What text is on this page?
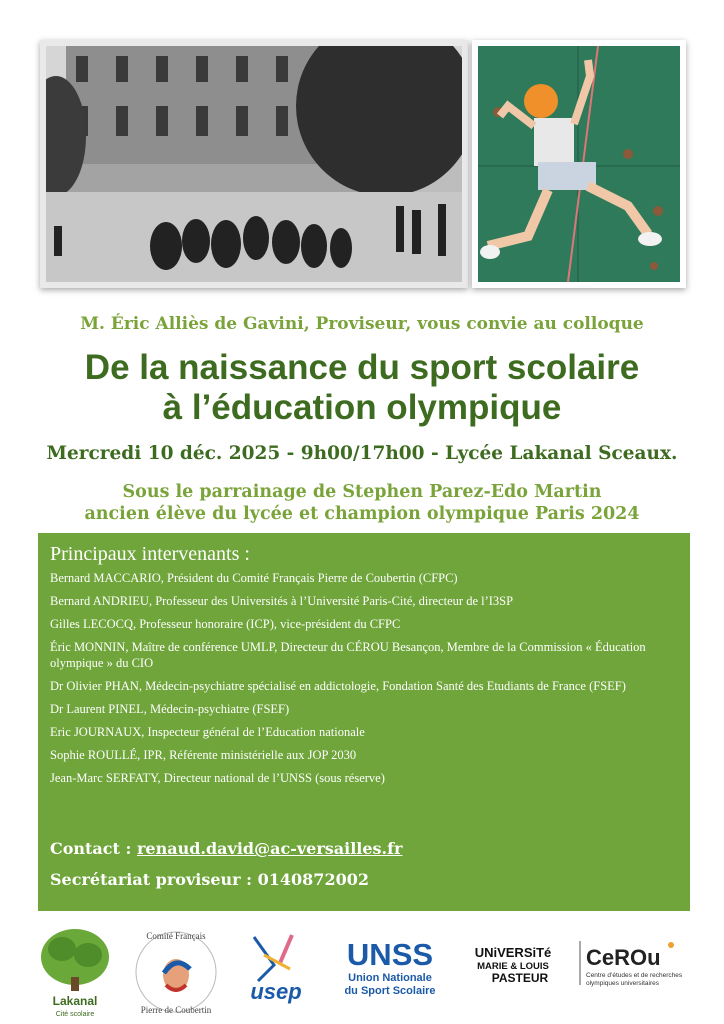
M. Éric Alliès de Gavini, Proviseur, vous convie au colloque
De la naissance du sport scolaire
à l’éducation olympique
Mercredi 10 déc. 2025 - 9h00/17h00 - Lycée Lakanal Sceaux.
Sous le parrainage de Stephen Parez-Edo Martin
ancien élève du lycée et champion olympique Paris 2024
Principaux intervenants :
Bernard MACCARIO, Président du Comité Français Pierre de Coubertin (CFPC)
Bernard ANDRIEU, Professeur des Universités à l’Université Paris-Cité, directeur de l’I3SP
Gilles LECOCQ, Professeur honoraire (ICP), vice-président du CFPC
Éric MONNIN, Maître de conférence UMLP, Directeur du CÉROU Besançon, Membre de la Commission « Éducation olympique » du CIO
Dr Olivier PHAN, Médecin-psychiatre spécialisé en addictologie, Fondation Santé des Etudiants de France (FSEF)
Dr Laurent PINEL, Médecin-psychiatre (FSEF)
Eric JOURNAUX, Inspecteur général de l’Education nationale
Sophie ROULLÉ, IPR, Référente ministérielle aux JOP 2030
Jean-Marc SERFATY, Directeur national de l’UNSS (sous réserve)
Contact : renaud.david@ac-versailles.fr
Secrétariat proviseur : 0140872002
Lakanal
Cité scolaire
Comité Français
Pierre de Coubertin
usep
UNSS
Union Nationale
du Sport Scolaire
UNiVERSiTé
MARIE & LOUIS
PASTEUR
CeROu
Centre d’études et de recherches
olympiques universitaires
